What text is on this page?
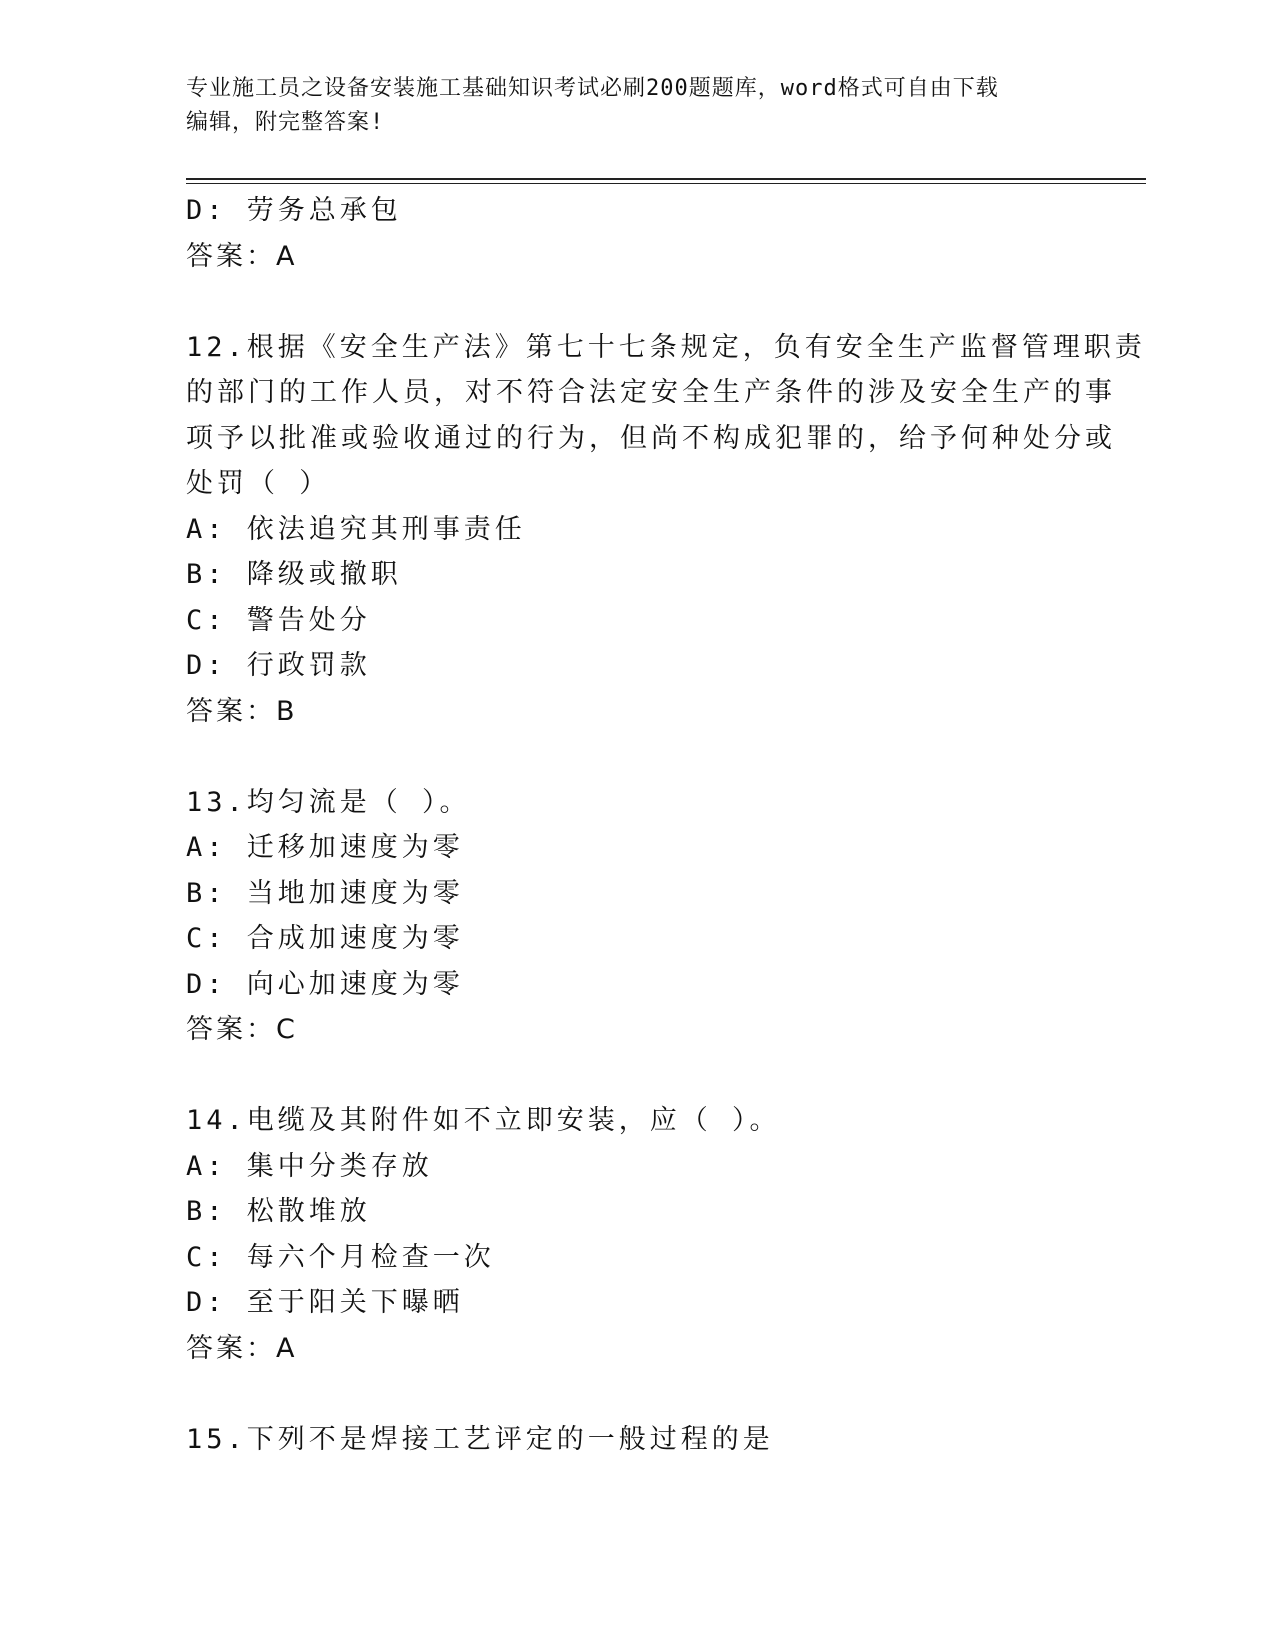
专业施工员之设备安装施工基础知识考试必刷200题题库，word格式可自由下载
编辑，附完整答案!
D: 劳务总承包
答案：A
12.根据《安全生产法》第七十七条规定，负有安全生产监督管理职责
的部门的工作人员，对不符合法定安全生产条件的涉及安全生产的事
项予以批准或验收通过的行为，但尚不构成犯罪的，给予何种处分或
处罚（ ）
A: 依法追究其刑事责任
B: 降级或撤职
C: 警告处分
D: 行政罚款
答案：B
13.均匀流是（ ）。
A: 迁移加速度为零
B: 当地加速度为零
C: 合成加速度为零
D: 向心加速度为零
答案：C
14.电缆及其附件如不立即安装，应（ ）。
A: 集中分类存放
B: 松散堆放
C: 每六个月检查一次
D: 至于阳关下曝晒
答案：A
15.下列不是焊接工艺评定的一般过程的是
